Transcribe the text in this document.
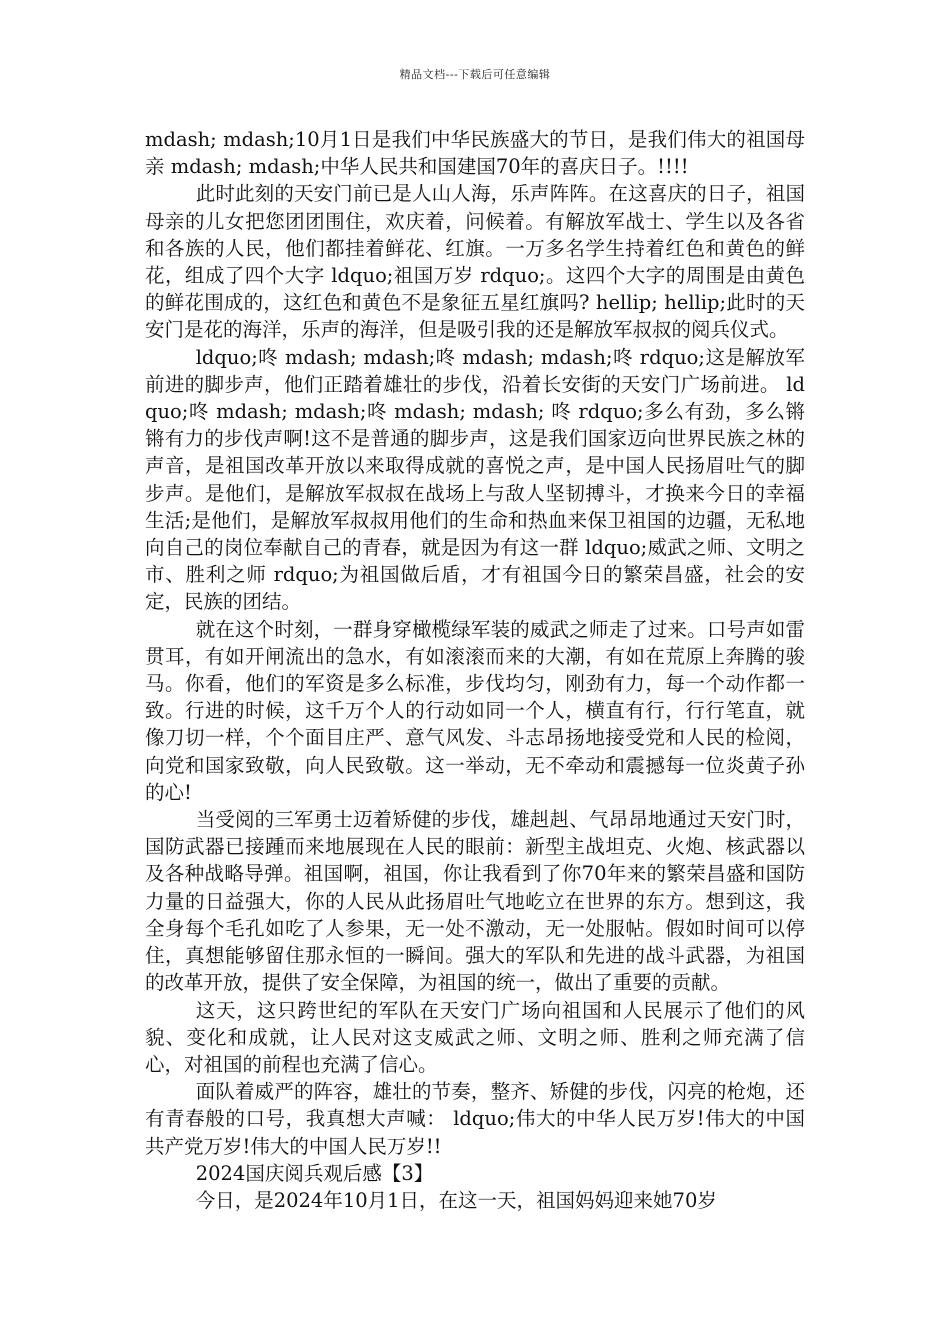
精品文档---下载后可任意编辑

mdash; mdash;10月1日是我们中华民族盛大的节日，是我们伟大的祖国母亲 mdash; mdash;中华人民共和国建国70年的喜庆日子。!!!!

此时此刻的天安门前已是人山人海，乐声阵阵。在这喜庆的日子，祖国母亲的儿女把您团团围住，欢庆着，问候着。有解放军战士、学生以及各省和各族的人民，他们都挂着鲜花、红旗。一万多名学生持着红色和黄色的鲜花，组成了四个大字 ldquo;祖国万岁 rdquo;。这四个大字的周围是由黄色的鲜花围成的，这红色和黄色不是象征五星红旗吗? hellip; hellip;此时的天安门是花的海洋，乐声的海洋，但是吸引我的还是解放军叔叔的阅兵仪式。

ldquo;咚 mdash; mdash;咚 mdash; mdash;咚 rdquo;这是解放军前进的脚步声，他们正踏着雄壮的步伐，沿着长安街的天安门广场前进。 ldquo;咚 mdash; mdash;咚 mdash; mdash; 咚 rdquo;多么有劲，多么锵锵有力的步伐声啊!这不是普通的脚步声，这是我们国家迈向世界民族之林的声音，是祖国改革开放以来取得成就的喜悦之声，是中国人民扬眉吐气的脚步声。是他们，是解放军叔叔在战场上与敌人坚韧搏斗，才换来今日的幸福生活;是他们，是解放军叔叔用他们的生命和热血来保卫祖国的边疆，无私地向自己的岗位奉献自己的青春，就是因为有这一群 ldquo;威武之师、文明之市、胜利之师 rdquo;为祖国做后盾，才有祖国今日的繁荣昌盛，社会的安定，民族的团结。

就在这个时刻，一群身穿橄榄绿军装的威武之师走了过来。口号声如雷贯耳，有如开闸流出的急水，有如滚滚而来的大潮，有如在荒原上奔腾的骏马。你看，他们的军资是多么标准，步伐均匀，刚劲有力，每一个动作都一致。行进的时候，这千万个人的行动如同一个人，横直有行，行行笔直，就像刀切一样，个个面目庄严、意气风发、斗志昂扬地接受党和人民的检阅，向党和国家致敬，向人民致敬。这一举动，无不牵动和震撼每一位炎黄子孙的心!

当受阅的三军勇士迈着矫健的步伐，雄赳赳、气昂昂地通过天安门时，国防武器已接踵而来地展现在人民的眼前：新型主战坦克、火炮、核武器以及各种战略导弹。祖国啊，祖国，你让我看到了你70年来的繁荣昌盛和国防力量的日益强大，你的人民从此扬眉吐气地屹立在世界的东方。想到这，我全身每个毛孔如吃了人参果，无一处不激动，无一处服帖。假如时间可以停住，真想能够留住那永恒的一瞬间。强大的军队和先进的战斗武器，为祖国的改革开放，提供了安全保障，为祖国的统一，做出了重要的贡献。

这天，这只跨世纪的军队在天安门广场向祖国和人民展示了他们的风貌、变化和成就，让人民对这支威武之师、文明之师、胜利之师充满了信心，对祖国的前程也充满了信心。

面队着威严的阵容，雄壮的节奏，整齐、矫健的步伐，闪亮的枪炮，还有青春般的口号，我真想大声喊： ldquo;伟大的中华人民万岁!伟大的中国共产党万岁!伟大的中国人民万岁!!

2024国庆阅兵观后感【3】

今日，是2024年10月1日，在这一天，祖国妈妈迎来她70岁
